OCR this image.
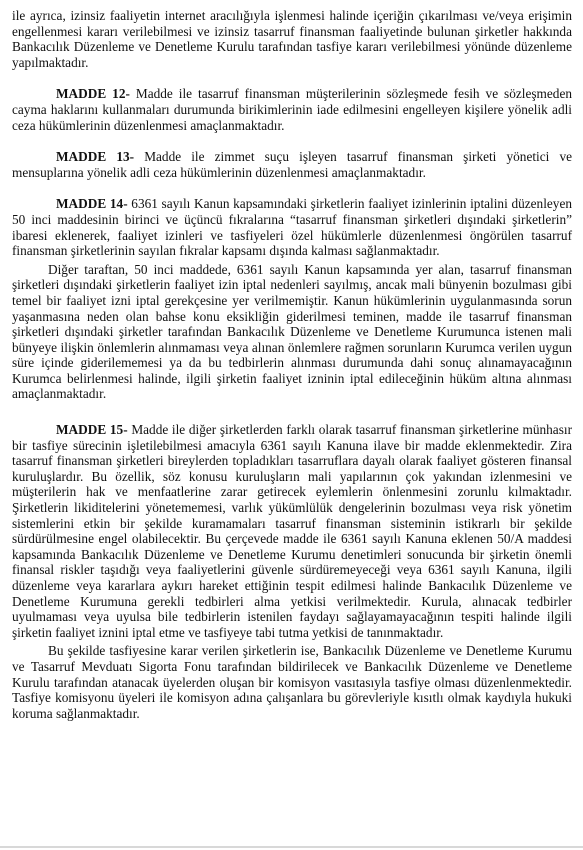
ile ayrıca, izinsiz faaliyetin internet aracılığıyla işlenmesi halinde içeriğin çıkarılması ve/veya erişimin engellenmesi kararı verilebilmesi ve izinsiz tasarruf finansman faaliyetinde bulunan şirketler hakkında Bankacılık Düzenleme ve Denetleme Kurulu tarafından tasfiye kararı verilebilmesi yönünde düzenleme yapılmaktadır.

MADDE 12- Madde ile tasarruf finansman müşterilerinin sözleşmede fesih ve sözleşmeden cayma haklarını kullanmaları durumunda birikimlerinin iade edilmesini engelleyen kişilere yönelik adli ceza hükümlerinin düzenlenmesi amaçlanmaktadır.

MADDE 13- Madde ile zimmet suçu işleyen tasarruf finansman şirketi yönetici ve mensuplarına yönelik adli ceza hükümlerinin düzenlenmesi amaçlanmaktadır.

MADDE 14- 6361 sayılı Kanun kapsamındaki şirketlerin faaliyet izinlerinin iptalini düzenleyen 50 inci maddesinin birinci ve üçüncü fıkralarına “tasarruf finansman şirketleri dışındaki şirketlerin” ibaresi eklenerek, faaliyet izinleri ve tasfiyeleri özel hükümlerle düzenlenmesi öngörülen tasarruf finansman şirketlerinin sayılan fıkralar kapsamı dışında kalması sağlanmaktadır.

Diğer taraftan, 50 inci maddede, 6361 sayılı Kanun kapsamında yer alan, tasarruf finansman şirketleri dışındaki şirketlerin faaliyet izin iptal nedenleri sayılmış, ancak mali bünyenin bozulması gibi temel bir faaliyet izni iptal gerekçesine yer verilmemiştir. Kanun hükümlerinin uygulanmasında sorun yaşanmasına neden olan bahse konu eksikliğin giderilmesi teminen, madde ile tasarruf finansman şirketleri dışındaki şirketler tarafından Bankacılık Düzenleme ve Denetleme Kurumunca istenen mali bünyeye ilişkin önlemlerin alınmaması veya alınan önlemlere rağmen sorunların Kurumca verilen uygun süre içinde giderilememesi ya da bu tedbirlerin alınması durumunda dahi sonuç alınamayacağının Kurumca belirlenmesi halinde, ilgili şirketin faaliyet izninin iptal edileceğinin hüküm altına alınması amaçlanmaktadır.

MADDE 15- Madde ile diğer şirketlerden farklı olarak tasarruf finansman şirketlerine münhasır bir tasfiye sürecinin işletilebilmesi amacıyla 6361 sayılı Kanuna ilave bir madde eklenmektedir. Zira tasarruf finansman şirketleri bireylerden topladıkları tasarruflara dayalı olarak faaliyet gösteren finansal kuruluşlardır. Bu özellik, söz konusu kuruluşların mali yapılarının çok yakından izlenmesini ve müşterilerin hak ve menfaatlerine zarar getirecek eylemlerin önlenmesini zorunlu kılmaktadır. Şirketlerin likiditelerini yönetememesi, varlık yükümlülük dengelerinin bozulması veya risk yönetim sistemlerini etkin bir şekilde kuramamaları tasarruf finansman sisteminin istikrarlı bir şekilde sürdürülmesine engel olabilecektir. Bu çerçevede madde ile 6361 sayılı Kanuna eklenen 50/A maddesi kapsamında Bankacılık Düzenleme ve Denetleme Kurumu denetimleri sonucunda bir şirketin önemli finansal riskler taşıdığı veya faaliyetlerini güvenle sürdüremeyeceği veya 6361 sayılı Kanuna, ilgili düzenleme veya kararlara aykırı hareket ettiğinin tespit edilmesi halinde Bankacılık Düzenleme ve Denetleme Kurumuna gerekli tedbirleri alma yetkisi verilmektedir. Kurula, alınacak tedbirler uyulmaması veya uyulsa bile tedbirlerin istenilen faydayı sağlayamayacağının tespiti halinde ilgili şirketin faaliyet iznini iptal etme ve tasfiyeye tabi tutma yetkisi de tanınmaktadır.

Bu şekilde tasfiyesine karar verilen şirketlerin ise, Bankacılık Düzenleme ve Denetleme Kurumu ve Tasarruf Mevduatı Sigorta Fonu tarafından bildirilecek ve Bankacılık Düzenleme ve Denetleme Kurulu tarafından atanacak üyelerden oluşan bir komisyon vasıtasıyla tasfiye olması düzenlenmektedir. Tasfiye komisyonu üyeleri ile komisyon adına çalışanlara bu görevleriyle kısıtlı olmak kaydıyla hukuki koruma sağlanmaktadır.
